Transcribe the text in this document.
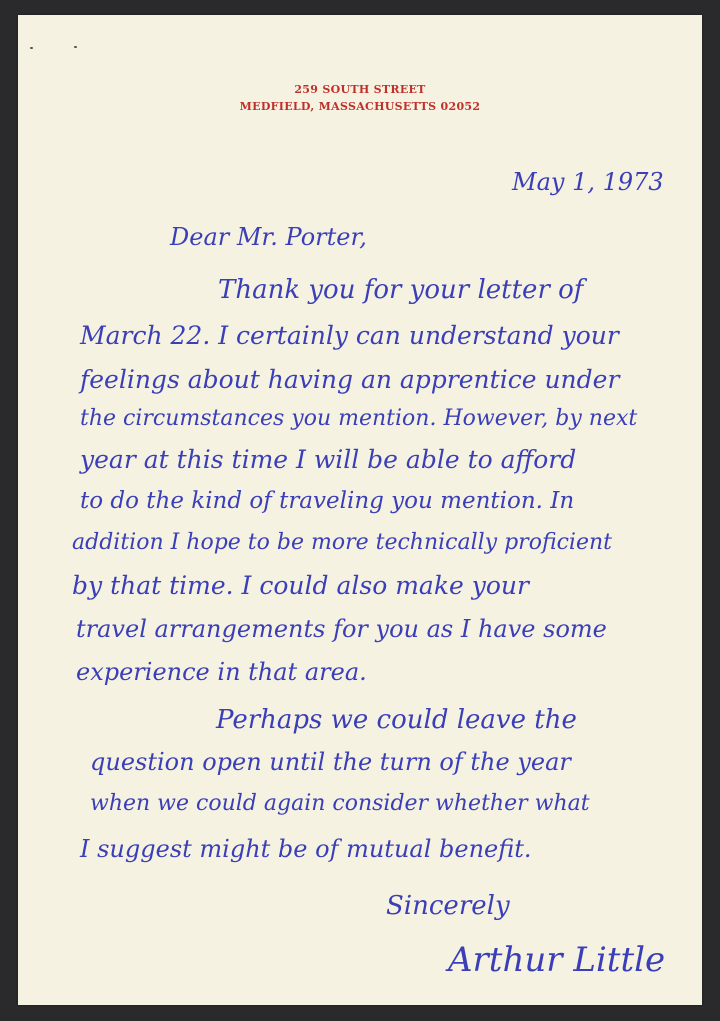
259 SOUTH STREET
MEDFIELD, MASSACHUSETTS 02052
May 1, 1973
Dear Mr. Porter,
Thank you for your letter of
March 22. I certainly can understand your
feelings about having an apprentice under
the circumstances you mention. However, by next
year at this time I will be able to afford
to do the kind of traveling you mention. In
addition I hope to be more technically proficient
by that time. I could also make your
travel arrangements for you as I have some
experience in that area.
Perhaps we could leave the
question open until the turn of the year
when we could again consider whether what
I suggest might be of mutual benefit.
Sincerely
Arthur Little
